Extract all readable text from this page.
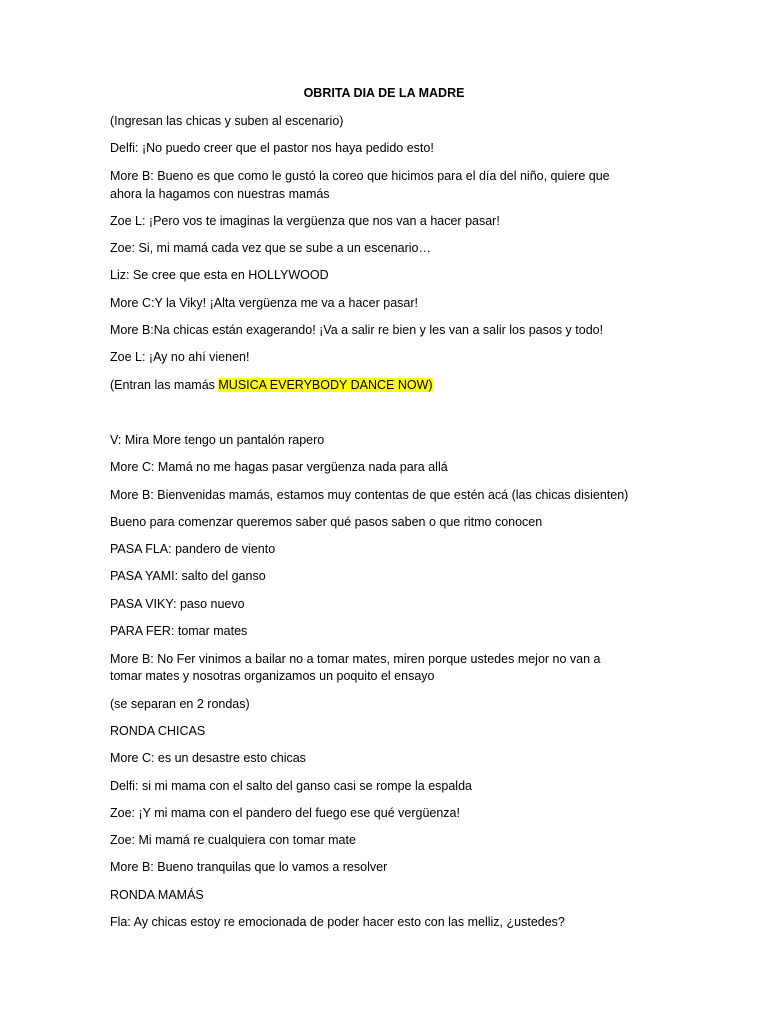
OBRITA DIA DE LA MADRE
(Ingresan las chicas y suben al escenario)
Delfi: ¡No puedo creer que el pastor nos haya pedido esto!
More B: Bueno es que como le gustó la coreo que hicimos para el día del niño, quiere que
ahora la hagamos con nuestras mamás
Zoe L: ¡Pero vos te imaginas la vergüenza que nos van a hacer pasar!
Zoe: Si, mi mamá cada vez que se sube a un escenario…
Liz: Se cree que esta en HOLLYWOOD
More C:Y la Viky! ¡Alta vergüenza me va a hacer pasar!
More B:Na chicas están exagerando! ¡Va a salir re bien y les van a salir los pasos y todo!
Zoe L: ¡Ay no ahí vienen!
(Entran las mamás MUSICA EVERYBODY DANCE NOW)
V: Mira More tengo un pantalón rapero
More C: Mamá no me hagas pasar vergüenza nada para allá
More B: Bienvenidas mamás, estamos muy contentas de que estén acá (las chicas disienten)
Bueno para comenzar queremos saber qué pasos saben o que ritmo conocen
PASA FLA: pandero de viento
PASA YAMI: salto del ganso
PASA VIKY: paso nuevo
PARA FER: tomar mates
More B: No Fer vinimos a bailar no a tomar mates, miren porque ustedes mejor no van a
tomar mates y nosotras organizamos un poquito el ensayo
(se separan en 2 rondas)
RONDA CHICAS
More C: es un desastre esto chicas
Delfi: si mi mama con el salto del ganso casi se rompe la espalda
Zoe: ¡Y mi mama con el pandero del fuego ese qué vergüenza!
Zoe: Mi mamá re cualquiera con tomar mate
More B: Bueno tranquilas que lo vamos a resolver
RONDA MAMÁS
Fla: Ay chicas estoy re emocionada de poder hacer esto con las melliz, ¿ustedes?
